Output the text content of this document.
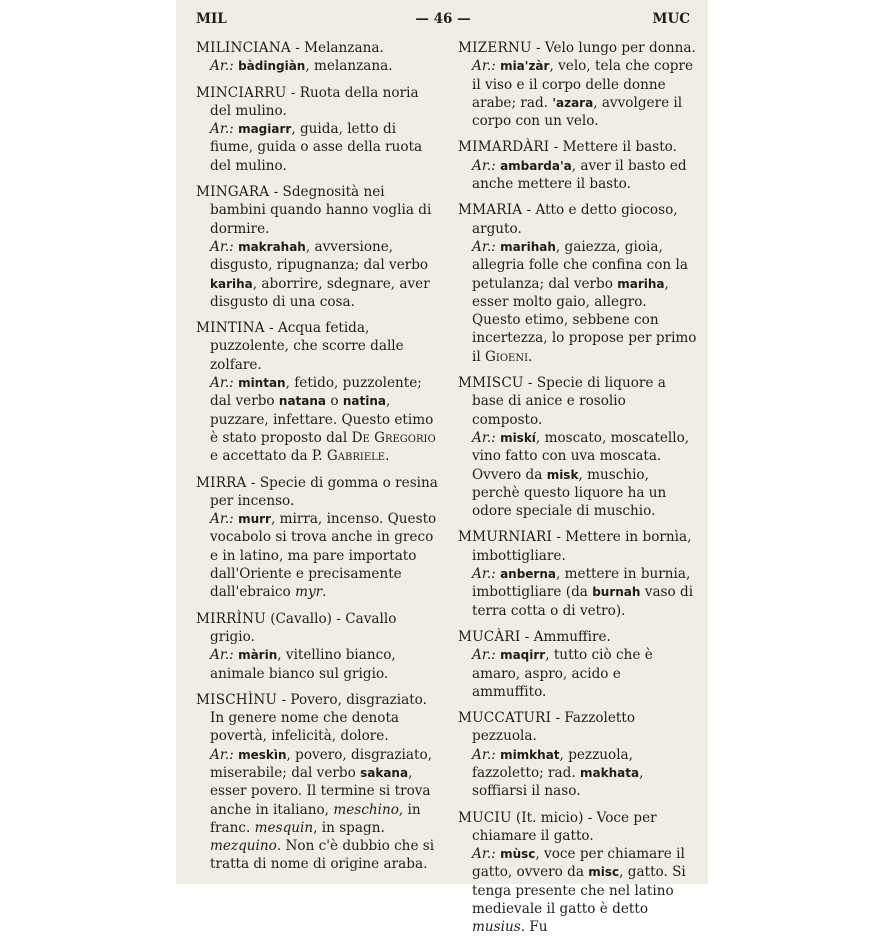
MIL	— 46 —	MUC
MILINCIANA - Melanzana.
Ar.: bàdingiàn, melanzana.
MINCIARRU - Ruota della noria del mulino.
Ar.: magiarr, guida, letto di fiume, guida o asse della ruota del mulino.
MINGARA - Sdegnosità nei bambini quando hanno voglia di dormire.
Ar.: makrahah, avversione, disgusto, ripugnanza; dal verbo kariha, aborrire, sdegnare, aver disgusto di una cosa.
MINTINA - Acqua fetida, puzzolente, che scorre dalle zolfare.
Ar.: mintan, fetido, puzzolente; dal verbo natana o natina, puzzare, infettare. Questo etimo è stato proposto dal De Gregorio e accettato da P. Gabriele.
MIRRA - Specie di gomma o resina per incenso.
Ar.: murr, mirra, incenso. Questo vocabolo si trova anche in greco e in latino, ma pare importato dall'Oriente e precisamente dall'ebraico myr.
MIRRÌNU (Cavallo) - Cavallo grigio.
Ar.: màrin, vitellino bianco, animale bianco sul grigio.
MISCHÌNU - Povero, disgraziato. In genere nome che denota povertà, infelicità, dolore.
Ar.: meskìn, povero, disgraziato, miserabile; dal verbo sakana, esser povero. Il termine si trova anche in italiano, meschino, in franc. mesquin, in spagn. mezquino. Non c'è dubbio che si tratta di nome di origine araba.
MIZERNU - Velo lungo per donna.
Ar.: mia'zàr, velo, tela che copre il viso e il corpo delle donne arabe; rad. 'azara, avvolgere il corpo con un velo.
MIMARDÀRI - Mettere il basto.
Ar.: ambarda'a, aver il basto ed anche mettere il basto.
MMARIA - Atto e detto giocoso, arguto.
Ar.: marihah, gaiezza, gioia, allegria folle che confina con la petulanza; dal verbo mariha, esser molto gaio, allegro. Questo etimo, sebbene con incertezza, lo propose per primo il Gioeni.
MMISCU - Specie di liquore a base di anice e rosolio composto.
Ar.: miskí, moscato, moscatello, vino fatto con uva moscata. Ovvero da misk, muschio, perchè questo liquore ha un odore speciale di muschio.
MMURNIARI - Mettere in bornìa, imbottigliare.
Ar.: anberna, mettere in burnia, imbottigliare (da burnah vaso di terra cotta o di vetro).
MUCÀRI - Ammuffire.
Ar.: maqirr, tutto ciò che è amaro, aspro, acido e ammuffito.
MUCCATURI - Fazzoletto pezzuola.
Ar.: mimkhat, pezzuola, fazzoletto; rad. makhata, soffiarsi il naso.
MUCIU (It. micio) - Voce per chiamare il gatto.
Ar.: mùsc, voce per chiamare il gatto, ovvero da misc, gatto. Si tenga presente che nel latino medievale il gatto è detto musius. Fu
